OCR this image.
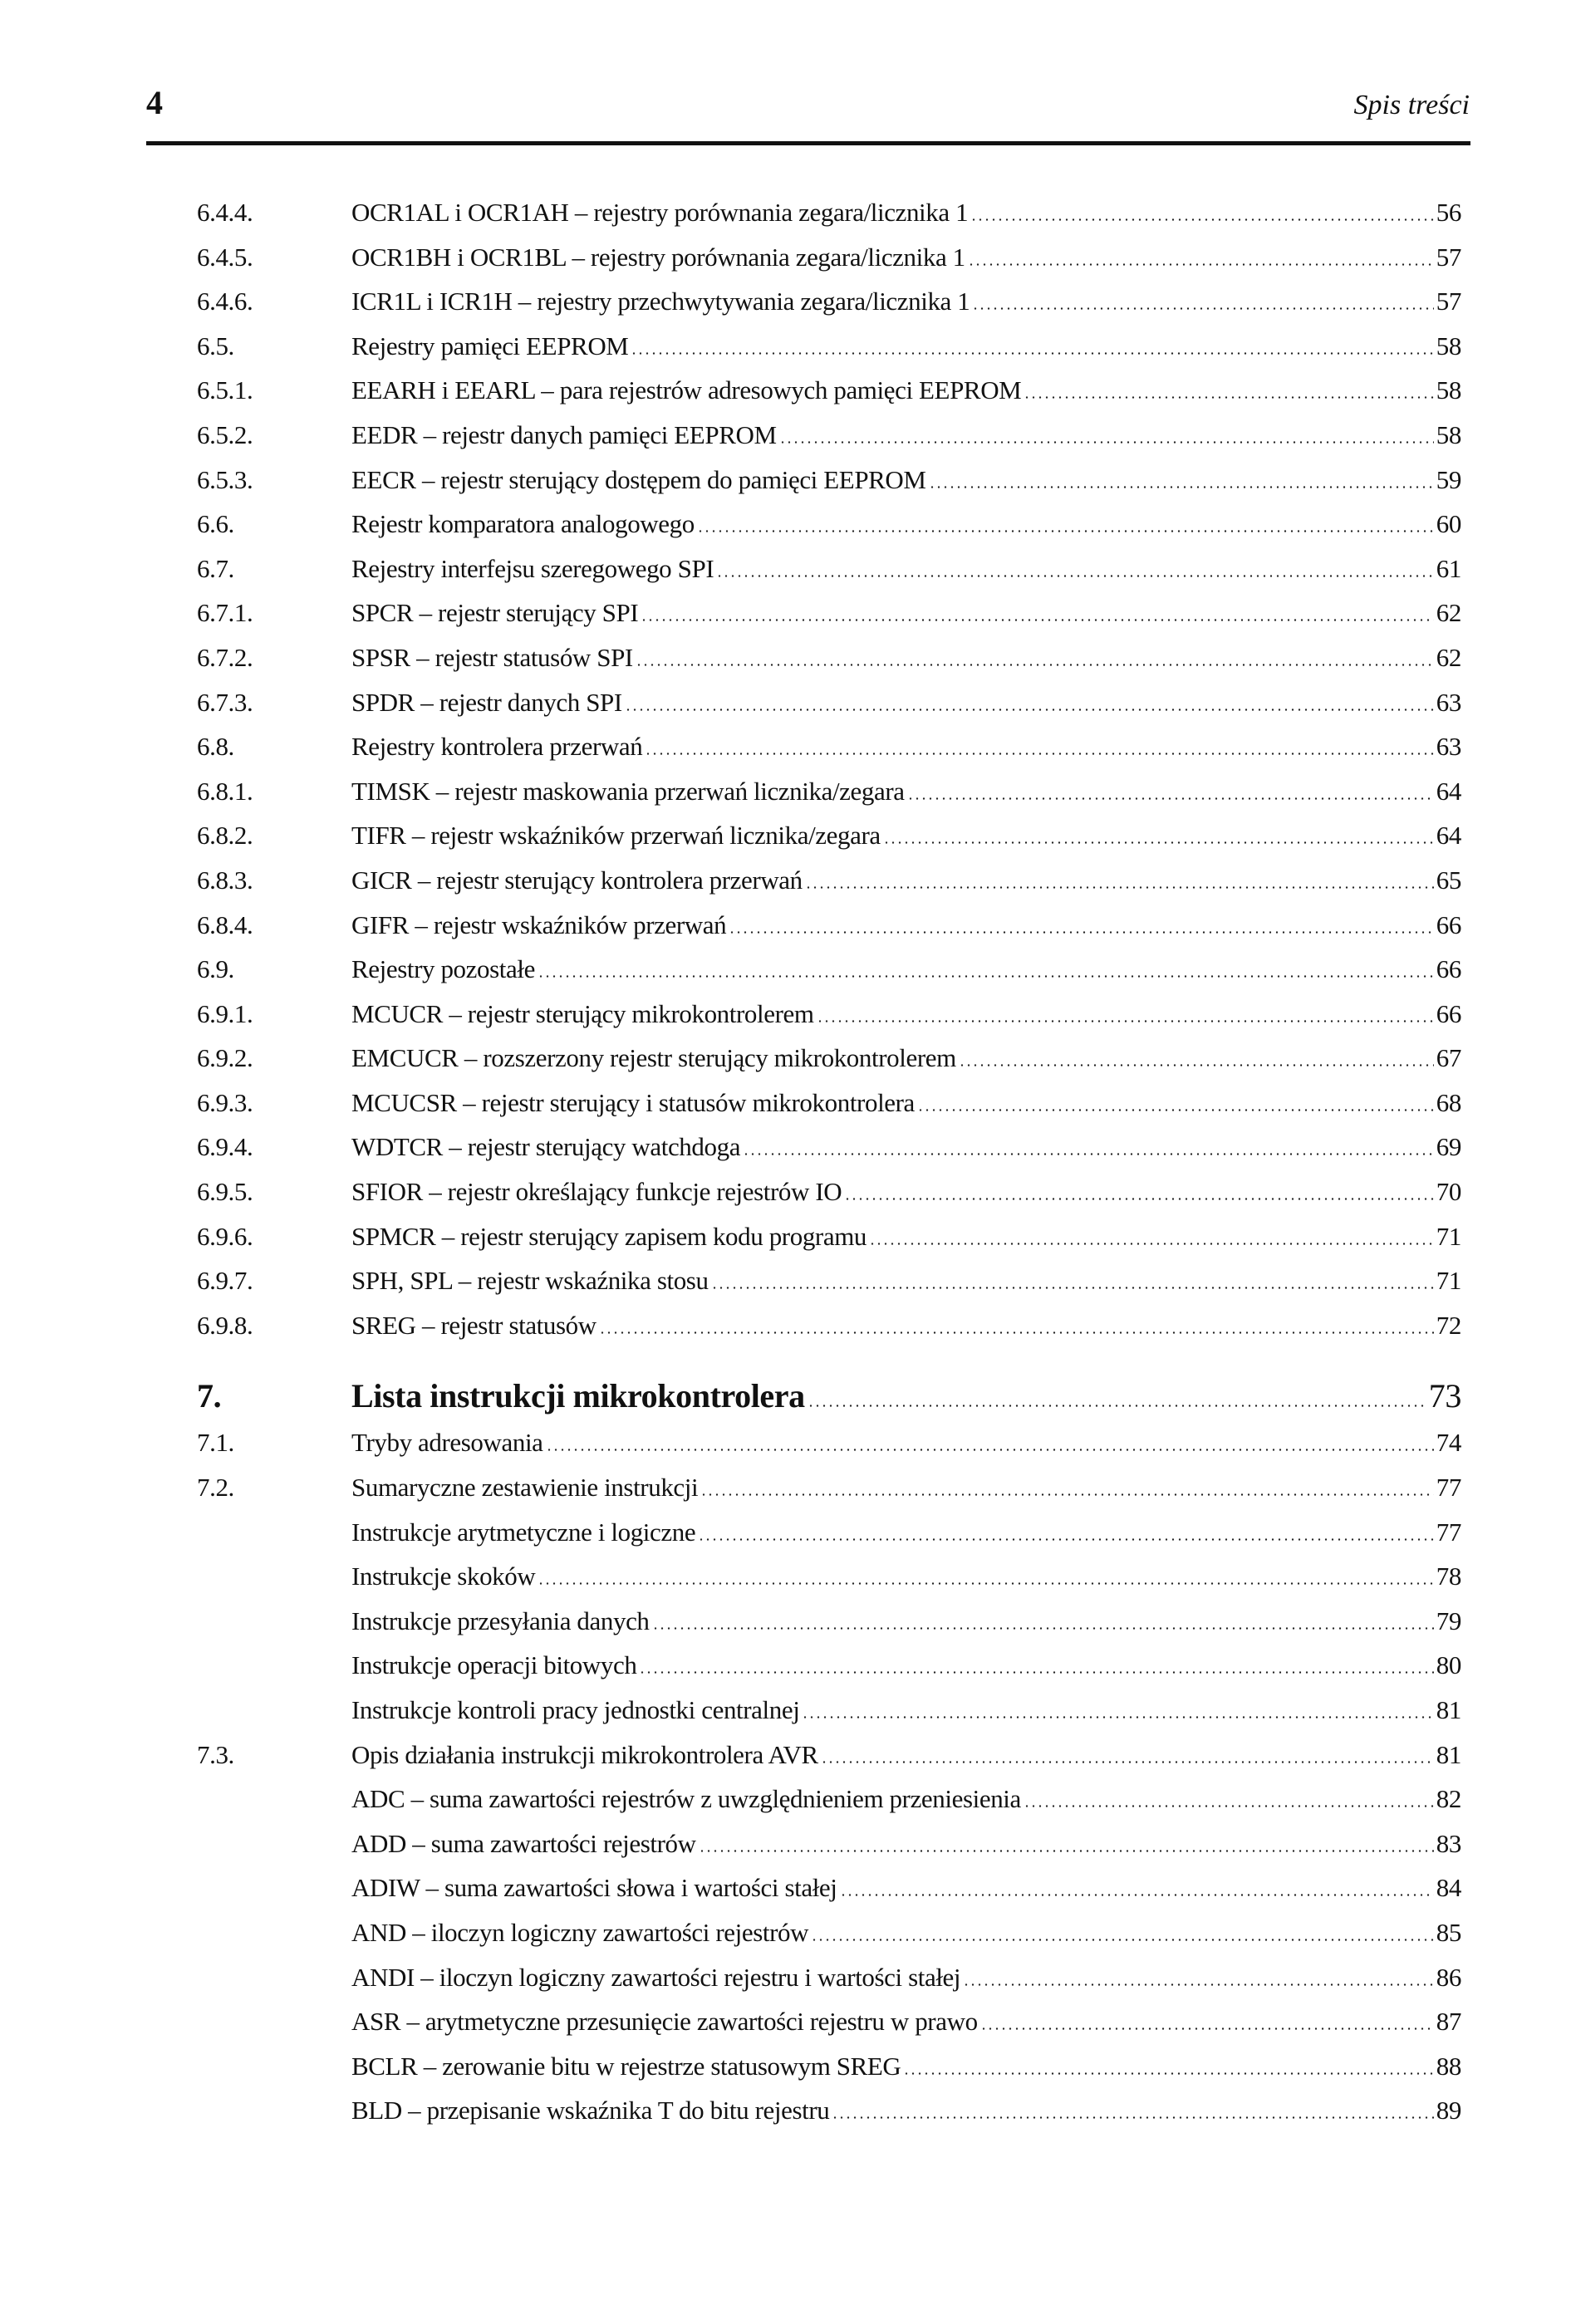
4	Spis treści
6.4.4.	OCR1AL i OCR1AH – rejestry porównania zegara/licznika 1	56
6.4.5.	OCR1BH i OCR1BL – rejestry porównania zegara/licznika 1	57
6.4.6.	ICR1L i ICR1H – rejestry przechwytywania zegara/licznika 1	57
6.5.	Rejestry pamięci EEPROM	58
6.5.1.	EEARH i EEARL – para rejestrów adresowych pamięci EEPROM	58
6.5.2.	EEDR – rejestr danych pamięci EEPROM	58
6.5.3.	EECR – rejestr sterujący dostępem do pamięci EEPROM	59
6.6.	Rejestr komparatora analogowego	60
6.7.	Rejestry interfejsu szeregowego SPI	61
6.7.1.	SPCR – rejestr sterujący SPI	62
6.7.2.	SPSR – rejestr statusów SPI	62
6.7.3.	SPDR – rejestr danych SPI	63
6.8.	Rejestry kontrolera przerwań	63
6.8.1.	TIMSK – rejestr maskowania przerwań licznika/zegara	64
6.8.2.	TIFR – rejestr wskaźników przerwań licznika/zegara	64
6.8.3.	GICR – rejestr sterujący kontrolera przerwań	65
6.8.4.	GIFR – rejestr wskaźników przerwań	66
6.9.	Rejestry pozostałe	66
6.9.1.	MCUCR – rejestr sterujący mikrokontrolerem	66
6.9.2.	EMCUCR – rozszerzony rejestr sterujący mikrokontrolerem	67
6.9.3.	MCUCSR – rejestr sterujący i statusów mikrokontrolera	68
6.9.4.	WDTCR – rejestr sterujący watchdoga	69
6.9.5.	SFIOR – rejestr określający funkcje rejestrów IO	70
6.9.6.	SPMCR – rejestr sterujący zapisem kodu programu	71
6.9.7.	SPH, SPL – rejestr wskaźnika stosu	71
6.9.8.	SREG – rejestr statusów	72
7.	Lista instrukcji mikrokontrolera	73
7.1.	Tryby adresowania	74
7.2.	Sumaryczne zestawienie instrukcji	77
Instrukcje arytmetyczne i logiczne	77
Instrukcje skoków	78
Instrukcje przesyłania danych	79
Instrukcje operacji bitowych	80
Instrukcje kontroli pracy jednostki centralnej	81
7.3.	Opis działania instrukcji mikrokontrolera AVR	81
ADC – suma zawartości rejestrów z uwzględnieniem przeniesienia	82
ADD – suma zawartości rejestrów	83
ADIW – suma zawartości słowa i wartości stałej	84
AND – iloczyn logiczny zawartości rejestrów	85
ANDI – iloczyn logiczny zawartości rejestru i wartości stałej	86
ASR – arytmetyczne przesunięcie zawartości rejestru w prawo	87
BCLR – zerowanie bitu w rejestrze statusowym SREG	88
BLD – przepisanie wskaźnika T do bitu rejestru	89
